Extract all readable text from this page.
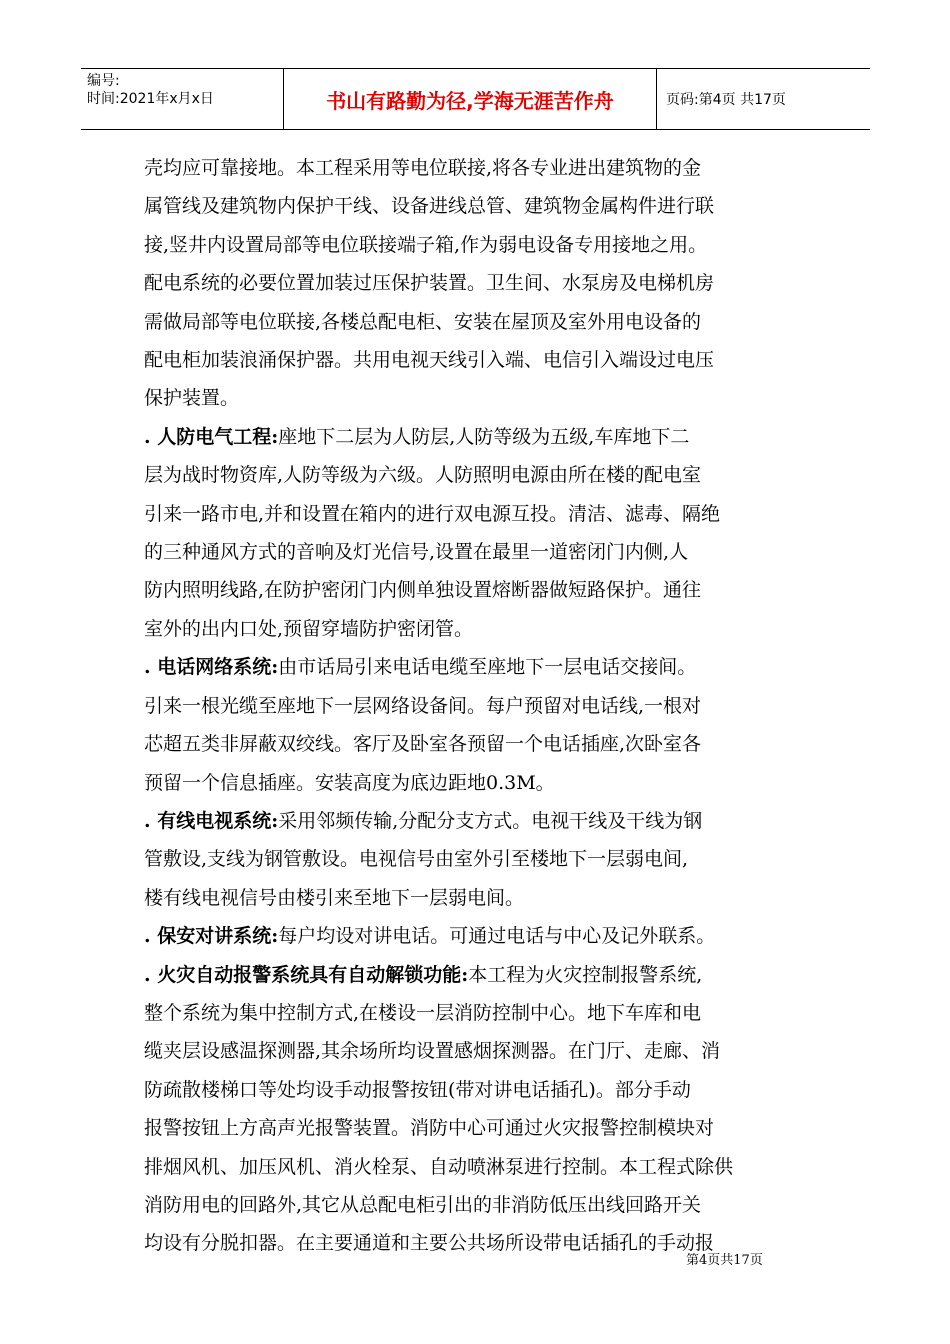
编号:
时间:2021年x月x日	书山有路勤为径,学海无涯苦作舟	页码:第4页 共17页

壳均应可靠接地。本工程采用等电位联接,将各专业进出建筑物的金

属管线及建筑物内保护干线、设备进线总管、建筑物金属构件进行联

接,竖井内设置局部等电位联接端子箱,作为弱电设备专用接地之用。

配电系统的必要位置加装过压保护装置。卫生间、水泵房及电梯机房

需做局部等电位联接,各楼总配电柜、安装在屋顶及室外用电设备的

配电柜加装浪涌保护器。共用电视天线引入端、电信引入端设过电压

保护装置。

. 人防电气工程:座地下二层为人防层,人防等级为五级,车库地下二

层为战时物资库,人防等级为六级。人防照明电源由所在楼的配电室

引来一路市电,并和设置在箱内的进行双电源互投。清洁、滤毒、隔绝

的三种通风方式的音响及灯光信号,设置在最里一道密闭门内侧,人

防内照明线路,在防护密闭门内侧单独设置熔断器做短路保护。通往

室外的出内口处,预留穿墙防护密闭管。

. 电话网络系统:由市话局引来电话电缆至座地下一层电话交接间。

引来一根光缆至座地下一层网络设备间。每户预留对电话线,一根对

芯超五类非屏蔽双绞线。客厅及卧室各预留一个电话插座,次卧室各

预留一个信息插座。安装高度为底边距地0.3M。

. 有线电视系统:采用邻频传输,分配分支方式。电视干线及干线为钢

管敷设,支线为钢管敷设。电视信号由室外引至楼地下一层弱电间,

楼有线电视信号由楼引来至地下一层弱电间。

. 保安对讲系统:每户均设对讲电话。可通过电话与中心及记外联系。

. 火灾自动报警系统具有自动解锁功能:本工程为火灾控制报警系统,

整个系统为集中控制方式,在楼设一层消防控制中心。地下车库和电

缆夹层设感温探测器,其余场所均设置感烟探测器。在门厅、走廊、消

防疏散楼梯口等处均设手动报警按钮(带对讲电话插孔)。部分手动

报警按钮上方高声光报警装置。消防中心可通过火灾报警控制模块对

排烟风机、加压风机、消火栓泵、自动喷淋泵进行控制。本工程式除供

消防用电的回路外,其它从总配电柜引出的非消防低压出线回路开关

均设有分脱扣器。在主要通道和主要公共场所设带电话插孔的手动报

第4页共17页
